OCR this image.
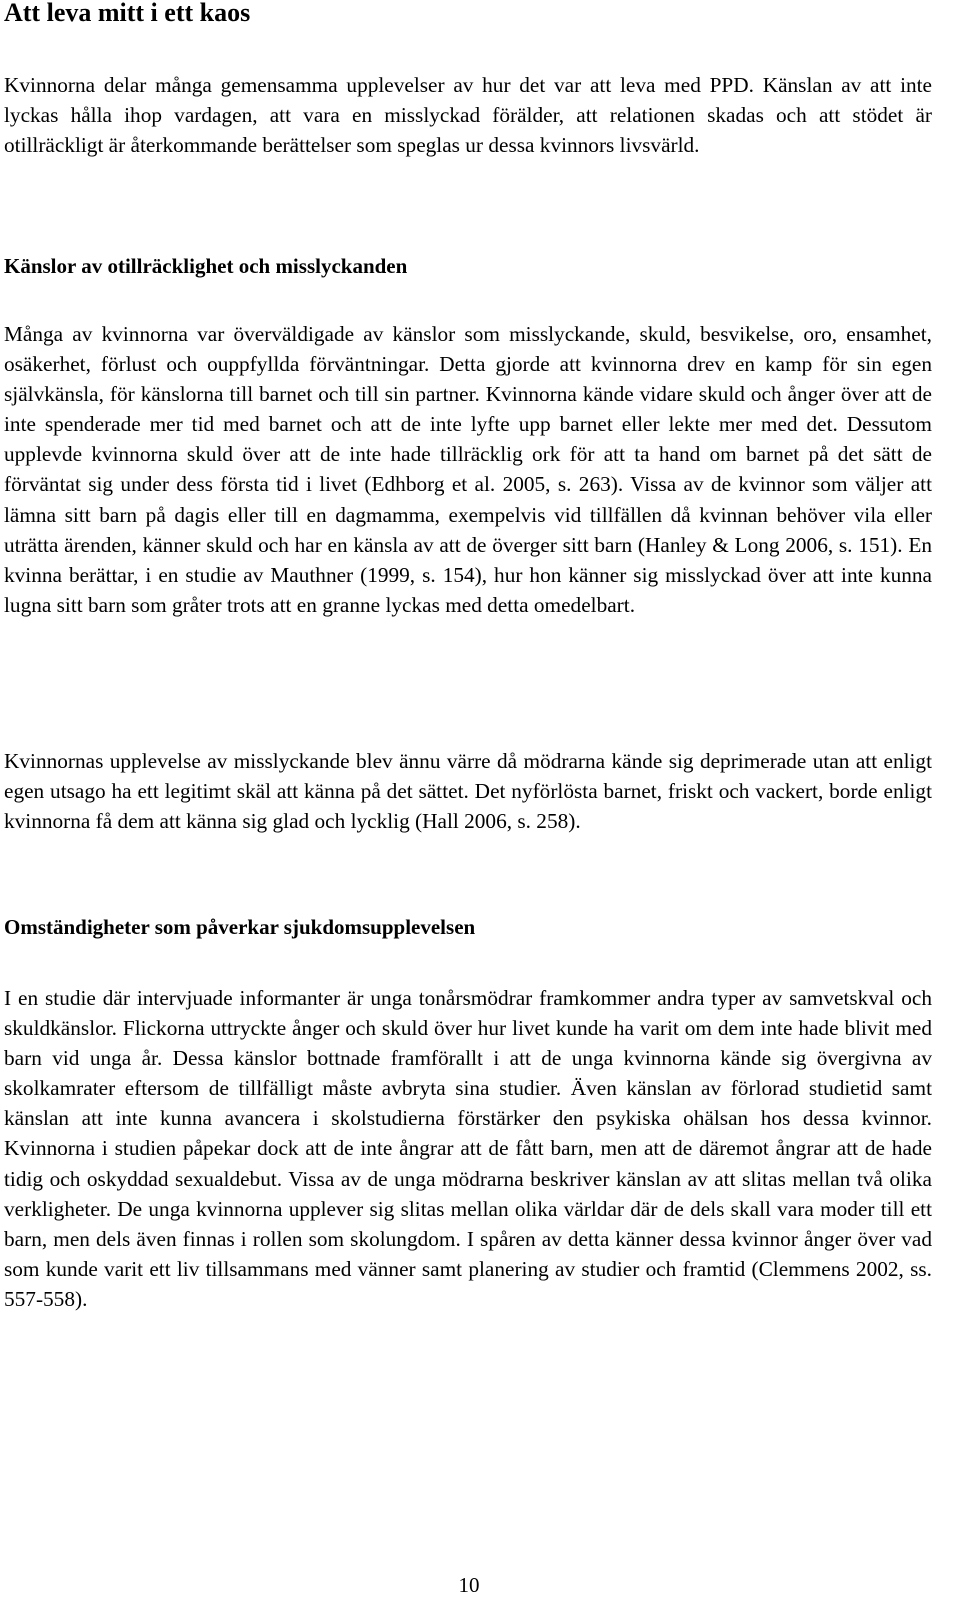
Att leva mitt i ett kaos

Kvinnorna delar många gemensamma upplevelser av hur det var att leva med PPD. Känslan av att inte lyckas hålla ihop vardagen, att vara en misslyckad förälder, att relationen skadas och att stödet är otillräckligt är återkommande berättelser som speglas ur dessa kvinnors livsvärld.

Känslor av otillräcklighet och misslyckanden

Många av kvinnorna var överväldigade av känslor som misslyckande, skuld, besvikelse, oro, ensamhet, osäkerhet, förlust och ouppfyllda förväntningar. Detta gjorde att kvinnorna drev en kamp för sin egen självkänsla, för känslorna till barnet och till sin partner. Kvinnorna kände vidare skuld och ånger över att de inte spenderade mer tid med barnet och att de inte lyfte upp barnet eller lekte mer med det. Dessutom upplevde kvinnorna skuld över att de inte hade tillräcklig ork för att ta hand om barnet på det sätt de förväntat sig under dess första tid i livet (Edhborg et al. 2005, s. 263). Vissa av de kvinnor som väljer att lämna sitt barn på dagis eller till en dagmamma, exempelvis vid tillfällen då kvinnan behöver vila eller uträtta ärenden, känner skuld och har en känsla av att de överger sitt barn (Hanley & Long 2006, s. 151). En kvinna berättar, i en studie av Mauthner (1999, s. 154), hur hon känner sig misslyckad över att inte kunna lugna sitt barn som gråter trots att en granne lyckas med detta omedelbart.

Kvinnornas upplevelse av misslyckande blev ännu värre då mödrarna kände sig deprimerade utan att enligt egen utsago ha ett legitimt skäl att känna på det sättet. Det nyförlösta barnet, friskt och vackert, borde enligt kvinnorna få dem att känna sig glad och lycklig (Hall 2006, s. 258).

Omständigheter som påverkar sjukdomsupplevelsen

I en studie där intervjuade informanter är unga tonårsmödrar framkommer andra typer av samvetskval och skuldkänslor. Flickorna uttryckte ånger och skuld över hur livet kunde ha varit om dem inte hade blivit med barn vid unga år. Dessa känslor bottnade framförallt i att de unga kvinnorna kände sig övergivna av skolkamrater eftersom de tillfälligt måste avbryta sina studier. Även känslan av förlorad studietid samt känslan att inte kunna avancera i skolstudierna förstärker den psykiska ohälsan hos dessa kvinnor. Kvinnorna i studien påpekar dock att de inte ångrar att de fått barn, men att de däremot ångrar att de hade tidig och oskyddad sexualdebut. Vissa av de unga mödrarna beskriver känslan av att slitas mellan två olika verkligheter. De unga kvinnorna upplever sig slitas mellan olika världar där de dels skall vara moder till ett barn, men dels även finnas i rollen som skolungdom. I spåren av detta känner dessa kvinnor ånger över vad som kunde varit ett liv tillsammans med vänner samt planering av studier och framtid (Clemmens 2002, ss. 557-558).

10
